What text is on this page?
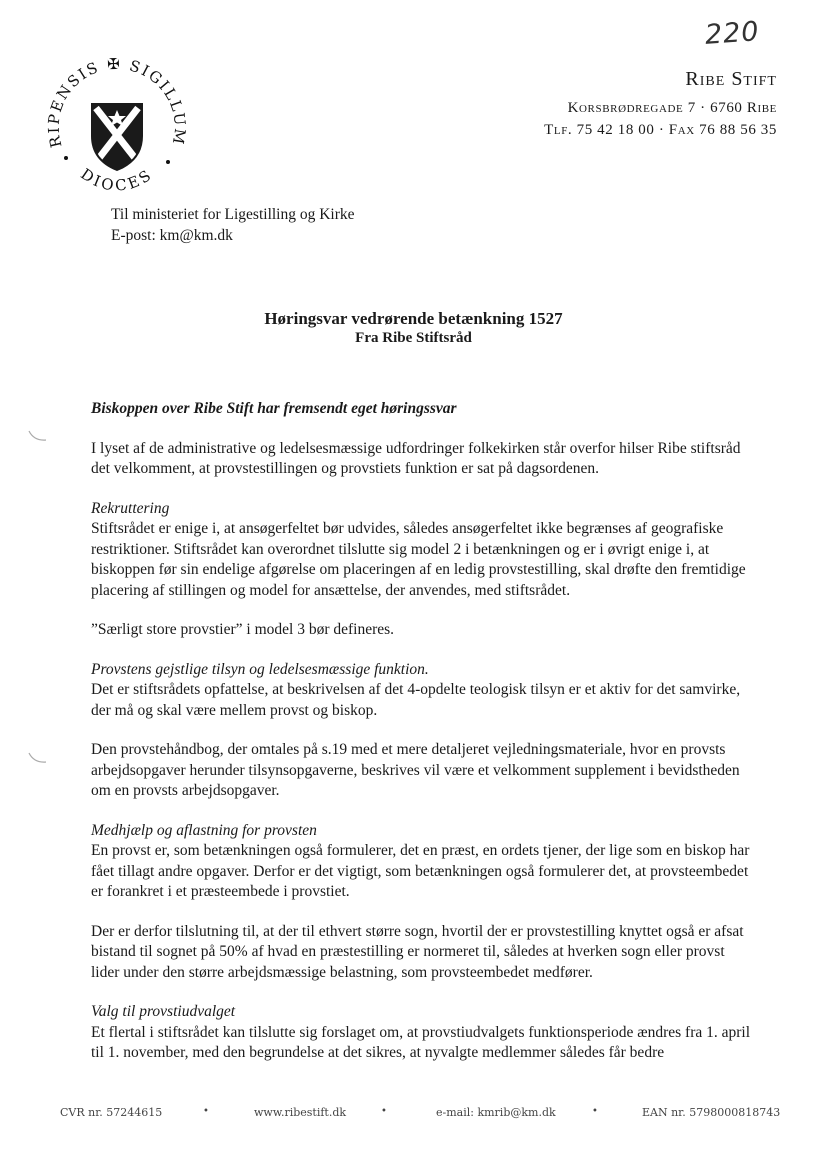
220
RIPENSIS ✠ SIGILLUM
DIOCES
Ribe Stift
Korsbrødregade 7 · 6760 Ribe
Tlf. 75 42 18 00 · Fax 76 88 56 35
Til ministeriet for Ligestilling og Kirke
E-post: km@km.dk
Høringsvar vedrørende betænkning 1527
Fra Ribe Stiftsråd

Biskoppen over Ribe Stift har fremsendt eget høringssvar

I lyset af de administrative og ledelsesmæssige udfordringer folkekirken står overfor hilser Ribe stiftsråd det velkomment, at provstestillingen og provstiets funktion er sat på dagsordenen.

Rekruttering

Stiftsrådet er enige i, at ansøgerfeltet bør udvides, således ansøgerfeltet ikke begrænses af geografiske restriktioner. Stiftsrådet kan overordnet tilslutte sig model 2 i betænkningen og er i øvrigt enige i, at biskoppen før sin endelige afgørelse om placeringen af en ledig provstestilling, skal drøfte den fremtidige placering af stillingen og model for ansættelse, der anvendes, med stiftsrådet.

”Særligt store provstier” i model 3 bør defineres.

Provstens gejstlige tilsyn og ledelsesmæssige funktion.

Det er stiftsrådets opfattelse, at beskrivelsen af det 4-opdelte teologisk tilsyn er et aktiv for det samvirke, der må og skal være mellem provst og biskop.

Den provstehåndbog, der omtales på s.19 med et mere detaljeret vejledningsmateriale, hvor en provsts arbejdsopgaver herunder tilsynsopgaverne, beskrives vil være et velkomment supplement i bevidstheden om en provsts arbejdsopgaver.

Medhjælp og aflastning for provsten

En provst er, som betænkningen også formulerer, det en præst, en ordets tjener, der lige som en biskop har fået tillagt andre opgaver. Derfor er det vigtigt, som betænkningen også formulerer det, at provsteembedet er forankret i et præsteembede i provstiet.

Der er derfor tilslutning til, at der til ethvert større sogn, hvortil der er provstestilling knyttet også er afsat bistand til sognet på 50% af hvad en præstestilling er normeret til, således at hverken sogn eller provst lider under den større arbejdsmæssige belastning, som provsteembedet medfører.

Valg til provstiudvalget

Et flertal i stiftsrådet kan tilslutte sig forslaget om, at provstiudvalgets funktionsperiode ændres fra 1. april til 1. november, med den begrundelse at det sikres, at nyvalgte medlemmer således får bedre

CVR nr. 57244615	•	www.ribestift.dk	•	e-mail: kmrib@km.dk	•	EAN nr. 5798000818743
